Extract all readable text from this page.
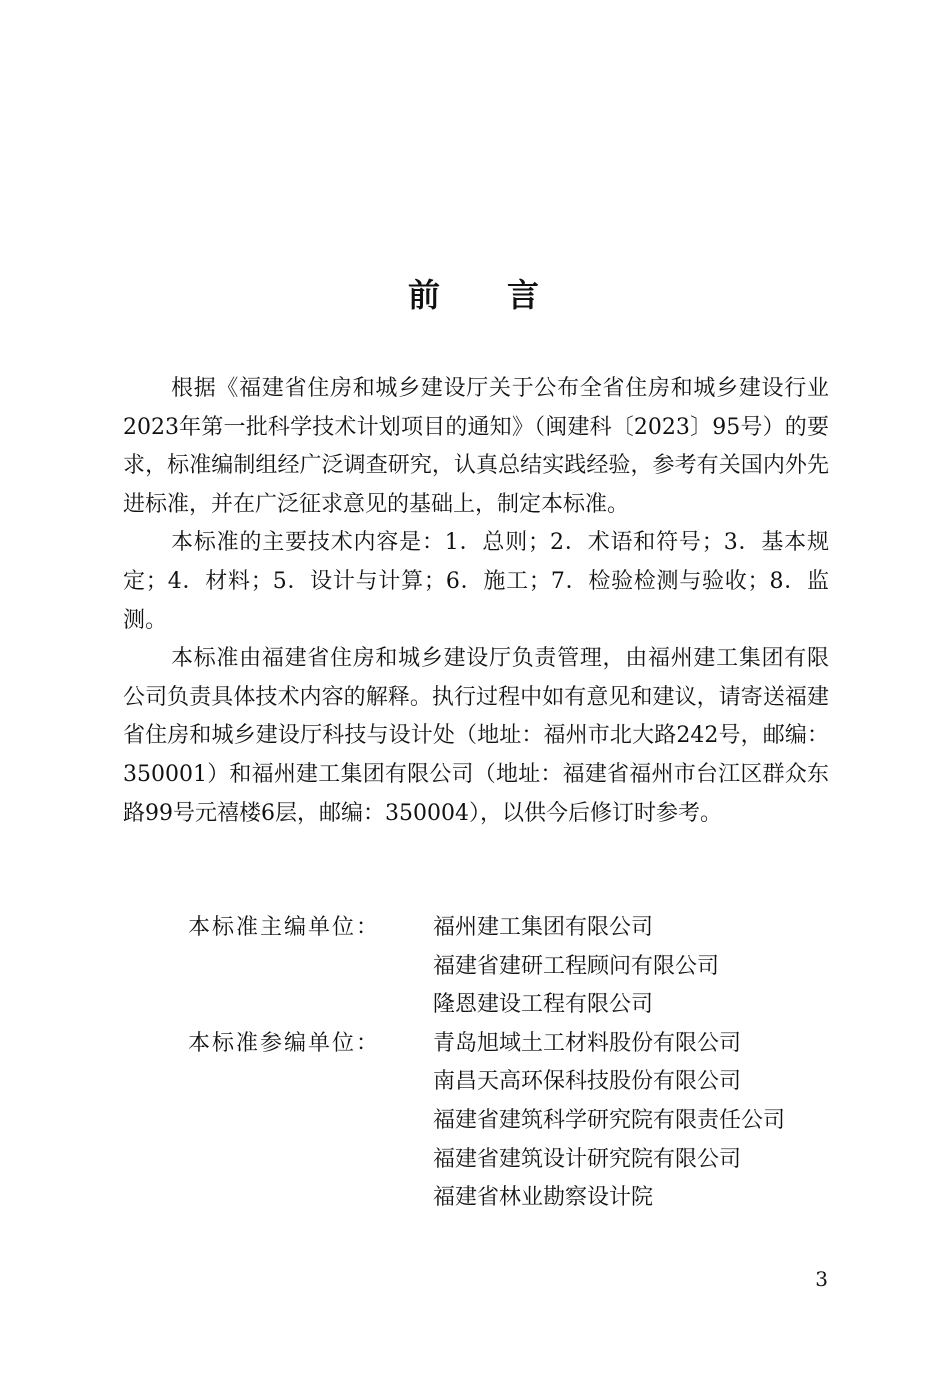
前 言

根据《福建省住房和城乡建设厅关于公布全省住房和城乡建设行业2023年第一批科学技术计划项目的通知》（闽建科〔2023〕95号）的要求，标准编制组经广泛调查研究，认真总结实践经验，参考有关国内外先进标准，并在广泛征求意见的基础上，制定本标准。

本标准的主要技术内容是：1．总则；2．术语和符号；3．基本规定；4．材料；5．设计与计算；6．施工；7．检验检测与验收；8．监测。

本标准由福建省住房和城乡建设厅负责管理，由福州建工集团有限公司负责具体技术内容的解释。执行过程中如有意见和建议，请寄送福建省住房和城乡建设厅科技与设计处（地址：福州市北大路242号，邮编：350001）和福州建工集团有限公司（地址：福建省福州市台江区群众东路99号元禧楼6层，邮编：350004），以供今后修订时参考。

本标准主编单位：	福州建工集团有限公司
福建省建研工程顾问有限公司
隆恩建设工程有限公司
本标准参编单位：	青岛旭域土工材料股份有限公司
南昌天高环保科技股份有限公司
福建省建筑科学研究院有限责任公司
福建省建筑设计研究院有限公司
福建省林业勘察设计院
3
